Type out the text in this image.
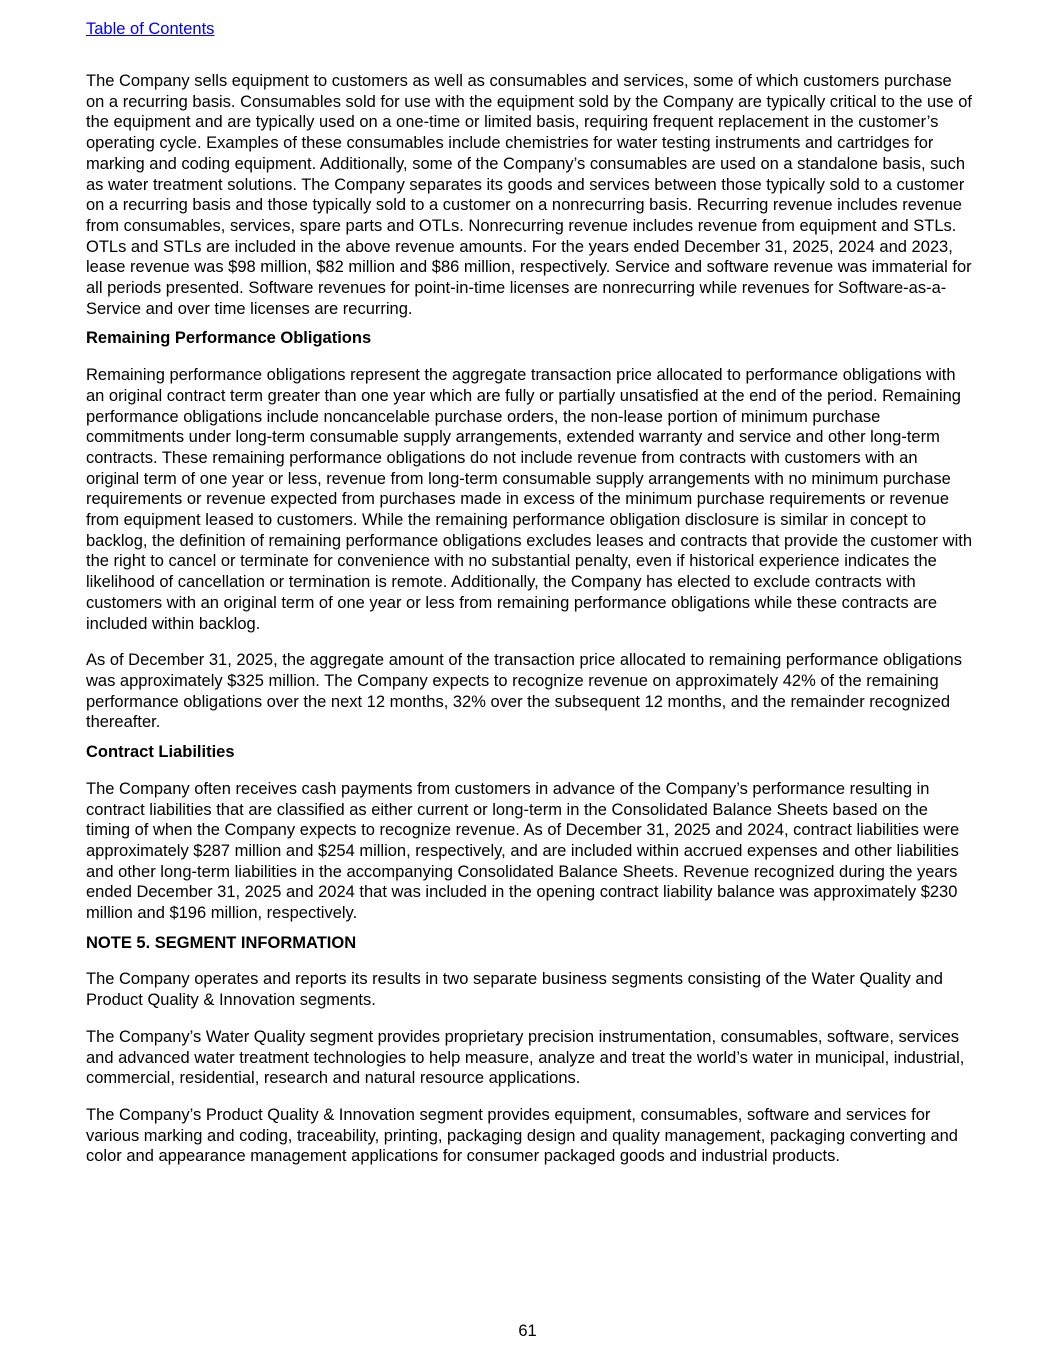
Table of Contents

The Company sells equipment to customers as well as consumables and services, some of which customers purchase on a recurring basis. Consumables sold for use with the equipment sold by the Company are typically critical to the use of the equipment and are typically used on a one-time or limited basis, requiring frequent replacement in the customer’s operating cycle. Examples of these consumables include chemistries for water testing instruments and cartridges for marking and coding equipment. Additionally, some of the Company’s consumables are used on a standalone basis, such as water treatment solutions. The Company separates its goods and services between those typically sold to a customer on a recurring basis and those typically sold to a customer on a nonrecurring basis. Recurring revenue includes revenue from consumables, services, spare parts and OTLs. Nonrecurring revenue includes revenue from equipment and STLs. OTLs and STLs are included in the above revenue amounts. For the years ended December 31, 2025, 2024 and 2023, lease revenue was $98 million, $82 million and $86 million, respectively. Service and software revenue was immaterial for all periods presented. Software revenues for point-in-time licenses are nonrecurring while revenues for Software-as-a-Service and over time licenses are recurring.

Remaining Performance Obligations

Remaining performance obligations represent the aggregate transaction price allocated to performance obligations with an original contract term greater than one year which are fully or partially unsatisfied at the end of the period. Remaining performance obligations include noncancelable purchase orders, the non-lease portion of minimum purchase commitments under long-term consumable supply arrangements, extended warranty and service and other long-term contracts. These remaining performance obligations do not include revenue from contracts with customers with an original term of one year or less, revenue from long-term consumable supply arrangements with no minimum purchase requirements or revenue expected from purchases made in excess of the minimum purchase requirements or revenue from equipment leased to customers. While the remaining performance obligation disclosure is similar in concept to backlog, the definition of remaining performance obligations excludes leases and contracts that provide the customer with the right to cancel or terminate for convenience with no substantial penalty, even if historical experience indicates the likelihood of cancellation or termination is remote. Additionally, the Company has elected to exclude contracts with customers with an original term of one year or less from remaining performance obligations while these contracts are included within backlog.

As of December 31, 2025, the aggregate amount of the transaction price allocated to remaining performance obligations was approximately $325 million. The Company expects to recognize revenue on approximately 42% of the remaining performance obligations over the next 12 months, 32% over the subsequent 12 months, and the remainder recognized thereafter.

Contract Liabilities

The Company often receives cash payments from customers in advance of the Company’s performance resulting in contract liabilities that are classified as either current or long-term in the Consolidated Balance Sheets based on the timing of when the Company expects to recognize revenue. As of December 31, 2025 and 2024, contract liabilities were approximately $287 million and $254 million, respectively, and are included within accrued expenses and other liabilities and other long-term liabilities in the accompanying Consolidated Balance Sheets. Revenue recognized during the years ended December 31, 2025 and 2024 that was included in the opening contract liability balance was approximately $230 million and $196 million, respectively.

NOTE 5. SEGMENT INFORMATION

The Company operates and reports its results in two separate business segments consisting of the Water Quality and Product Quality & Innovation segments.

The Company’s Water Quality segment provides proprietary precision instrumentation, consumables, software, services and advanced water treatment technologies to help measure, analyze and treat the world’s water in municipal, industrial, commercial, residential, research and natural resource applications.

The Company’s Product Quality & Innovation segment provides equipment, consumables, software and services for various marking and coding, traceability, printing, packaging design and quality management, packaging converting and color and appearance management applications for consumer packaged goods and industrial products.

61
